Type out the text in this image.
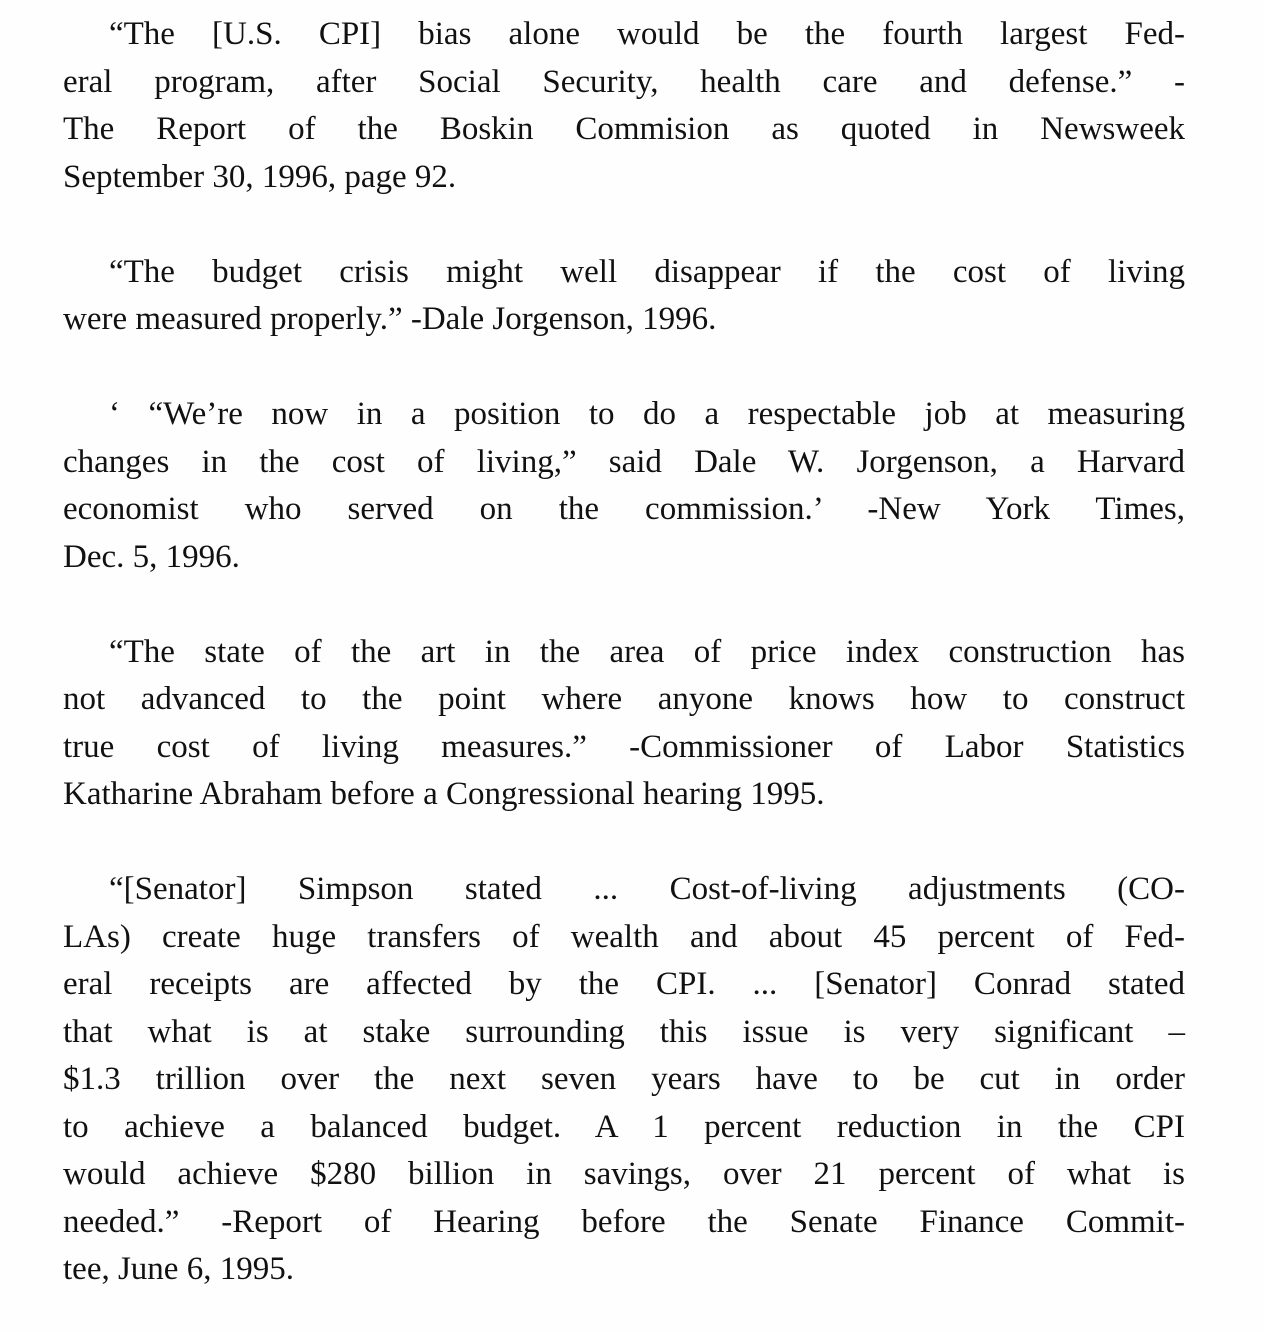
“The [U.S. CPI] bias alone would be the fourth largest Fed-
eral program, after Social Security, health care and defense.” -
The Report of the Boskin Commision as quoted in Newsweek
September 30, 1996, page 92.
“The budget crisis might well disappear if the cost of living
were measured properly.” -Dale Jorgenson, 1996.
‘ “We’re now in a position to do a respectable job at measuring
changes in the cost of living,” said Dale W. Jorgenson, a Harvard
economist who served on the commission.’ -New York Times,
Dec. 5, 1996.
“The state of the art in the area of price index construction has
not advanced to the point where anyone knows how to construct
true cost of living measures.” -Commissioner of Labor Statistics
Katharine Abraham before a Congressional hearing 1995.
“[Senator] Simpson stated ... Cost-of-living adjustments (CO-
LAs) create huge transfers of wealth and about 45 percent of Fed-
eral receipts are affected by the CPI. ... [Senator] Conrad stated
that what is at stake surrounding this issue is very significant –
$1.3 trillion over the next seven years have to be cut in order
to achieve a balanced budget. A 1 percent reduction in the CPI
would achieve $280 billion in savings, over 21 percent of what is
needed.” -Report of Hearing before the Senate Finance Commit-
tee, June 6, 1995.
